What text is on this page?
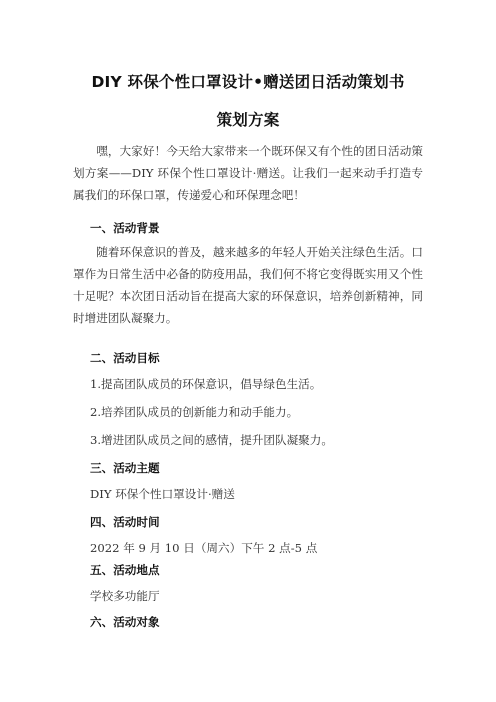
DIY 环保个性口罩设计•赠送团日活动策划书
策划方案
嘿，大家好！今天给大家带来一个既环保又有个性的团日活动策划方案——DIY 环保个性口罩设计·赠送。让我们一起来动手打造专属我们的环保口罩，传递爱心和环保理念吧！
一、活动背景
随着环保意识的普及，越来越多的年轻人开始关注绿色生活。口罩作为日常生活中必备的防疫用品，我们何不将它变得既实用又个性十足呢？本次团日活动旨在提高大家的环保意识，培养创新精神，同时增进团队凝聚力。
二、活动目标
1.提高团队成员的环保意识，倡导绿色生活。
2.培养团队成员的创新能力和动手能力。
3.增进团队成员之间的感情，提升团队凝聚力。
三、活动主题
DIY 环保个性口罩设计·赠送
四、活动时间
2022 年 9 月 10 日（周六）下午 2 点-5 点
五、活动地点
学校多功能厅
六、活动对象
